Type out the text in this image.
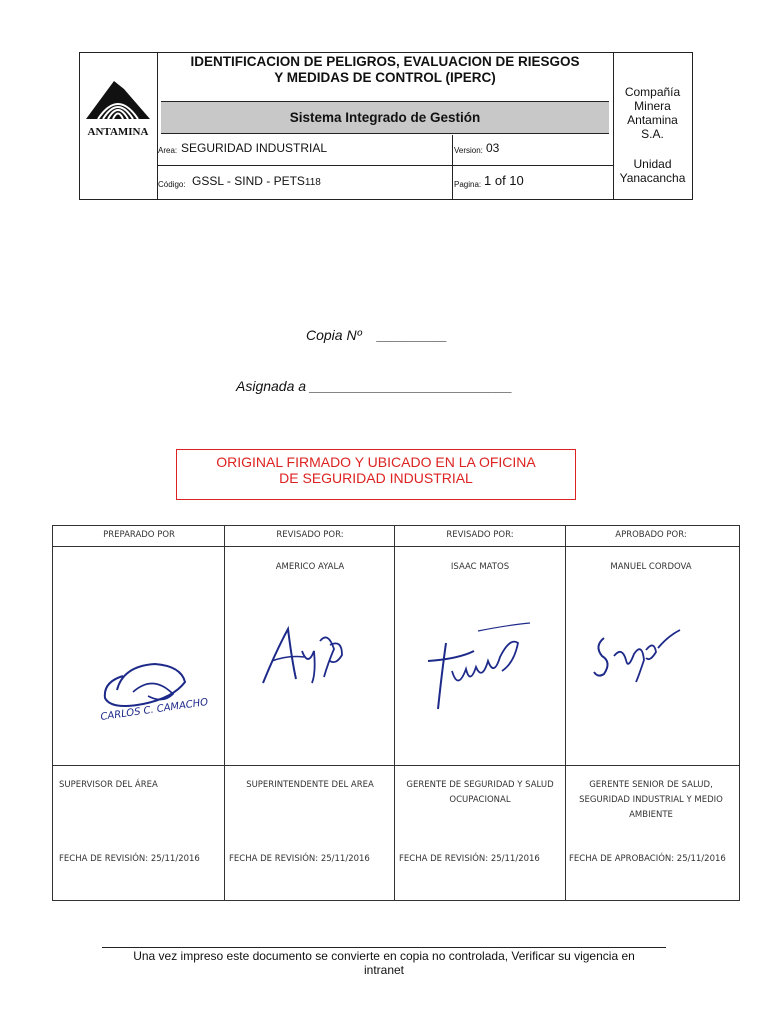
ANTAMINA
IDENTIFICACION DE PELIGROS, EVALUACION DE RIESGOS
Y MEDIDAS DE CONTROL (IPERC)
Sistema Integrado de Gestión
Area: SEGURIDAD INDUSTRIAL	Version: 03
Código: GSSL - SIND - PETS118	Pagina: 1 of 10
Compañía
Minera
Antamina
S.A.
Unidad
Yanacancha
Copia Nº    _________
Asignada a __________________________
ORIGINAL FIRMADO Y UBICADO EN LA OFICINA
DE SEGURIDAD INDUSTRIAL
PREPARADO POR
SUPERVISOR DEL ÁREA
FECHA DE REVISIÓN: 25/11/2016
CARLOS C. CAMACHO
REVISADO POR:
AMERICO AYALA
SUPERINTENDENTE DEL AREA
FECHA DE REVISIÓN: 25/11/2016
REVISADO POR:
ISAAC MATOS
GERENTE DE SEGURIDAD Y SALUD
OCUPACIONAL
FECHA DE REVISIÓN: 25/11/2016
APROBADO POR:
MANUEL CORDOVA
GERENTE SENIOR DE SALUD,
SEGURIDAD INDUSTRIAL Y MEDIO
AMBIENTE
FECHA DE APROBACIÓN: 25/11/2016
Una vez impreso este documento se convierte en copia no controlada, Verificar su vigencia en
intranet
